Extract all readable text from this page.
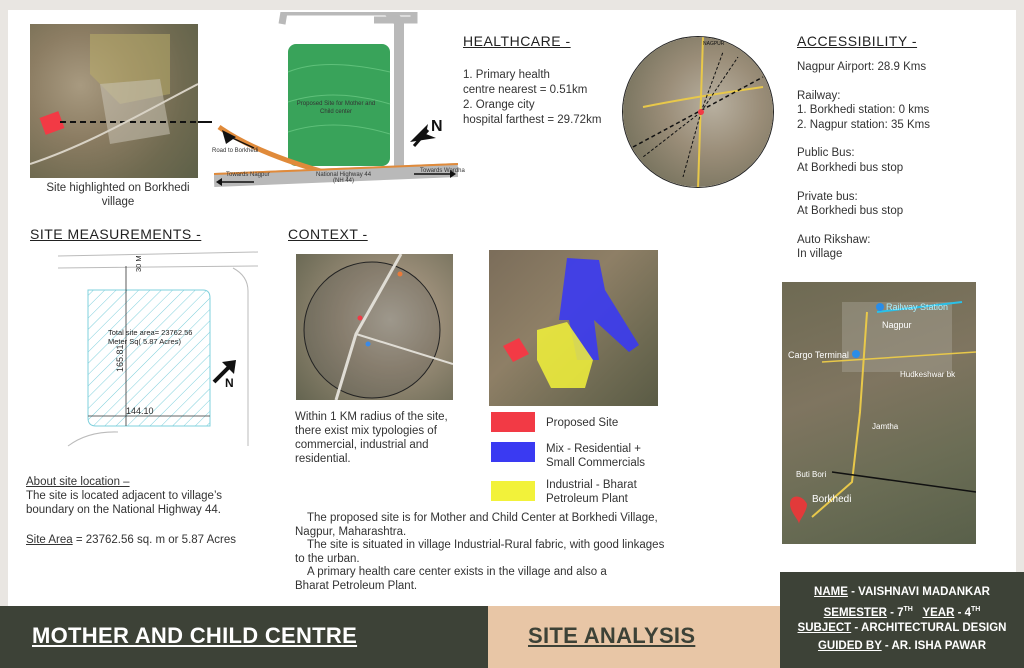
Site highlighted on Borkhedi village
Proposed Site for Mother and Child center
Road to Borkhedi
Towards Nagpur
Towards Wardha
National Highway 44
(NH 44)
N
HEALTHCARE -
1. Primary health
centre nearest = 0.51km
2. Orange city
hospital farthest = 29.72km
NAGPUR	ACCESSIBILITY -
Nagpur Airport: 28.9 Kms
Railway:
1. Borkhedi station: 0 kms
2. Nagpur station: 35 Kms
Public Bus:
At Borkhedi bus stop
Private bus:
At Borkhedi bus stop
Auto Rikshaw:
In village
Railway Station
Nagpur
Cargo Terminal
Hudkeshwar bk
Jamtha
Buti Bori
Borkhedi
SITE MEASUREMENTS -
Total site area= 23762.56
Meter Sq( 5.87 Acres)
30 M
165.81
144.10
N
About site location –
The site is located adjacent to village’s
boundary on the National Highway 44.
Site Area = 23762.56 sq. m or 5.87 Acres
CONTEXT -
Within 1 KM radius of the site,
there exist mix typologies of
commercial, industrial and
residential.
Proposed Site
Mix - Residential +
Small Commercials
Industrial - Bharat
Petroleum Plant
The proposed site is for Mother and Child Center at Borkhedi Village,
Nagpur, Maharashtra.
The site is situated in village Industrial-Rural fabric, with good linkages
to the urban.
A primary health care center exists in the village and also a
Bharat Petroleum Plant.
MOTHER AND CHILD CENTRE	SITE ANALYSIS
NAME - VAISHNAVI MADANKAR
SEMESTER - 7TH YEAR - 4TH
SUBJECT - ARCHITECTURAL DESIGN
GUIDED BY - AR. ISHA PAWAR
